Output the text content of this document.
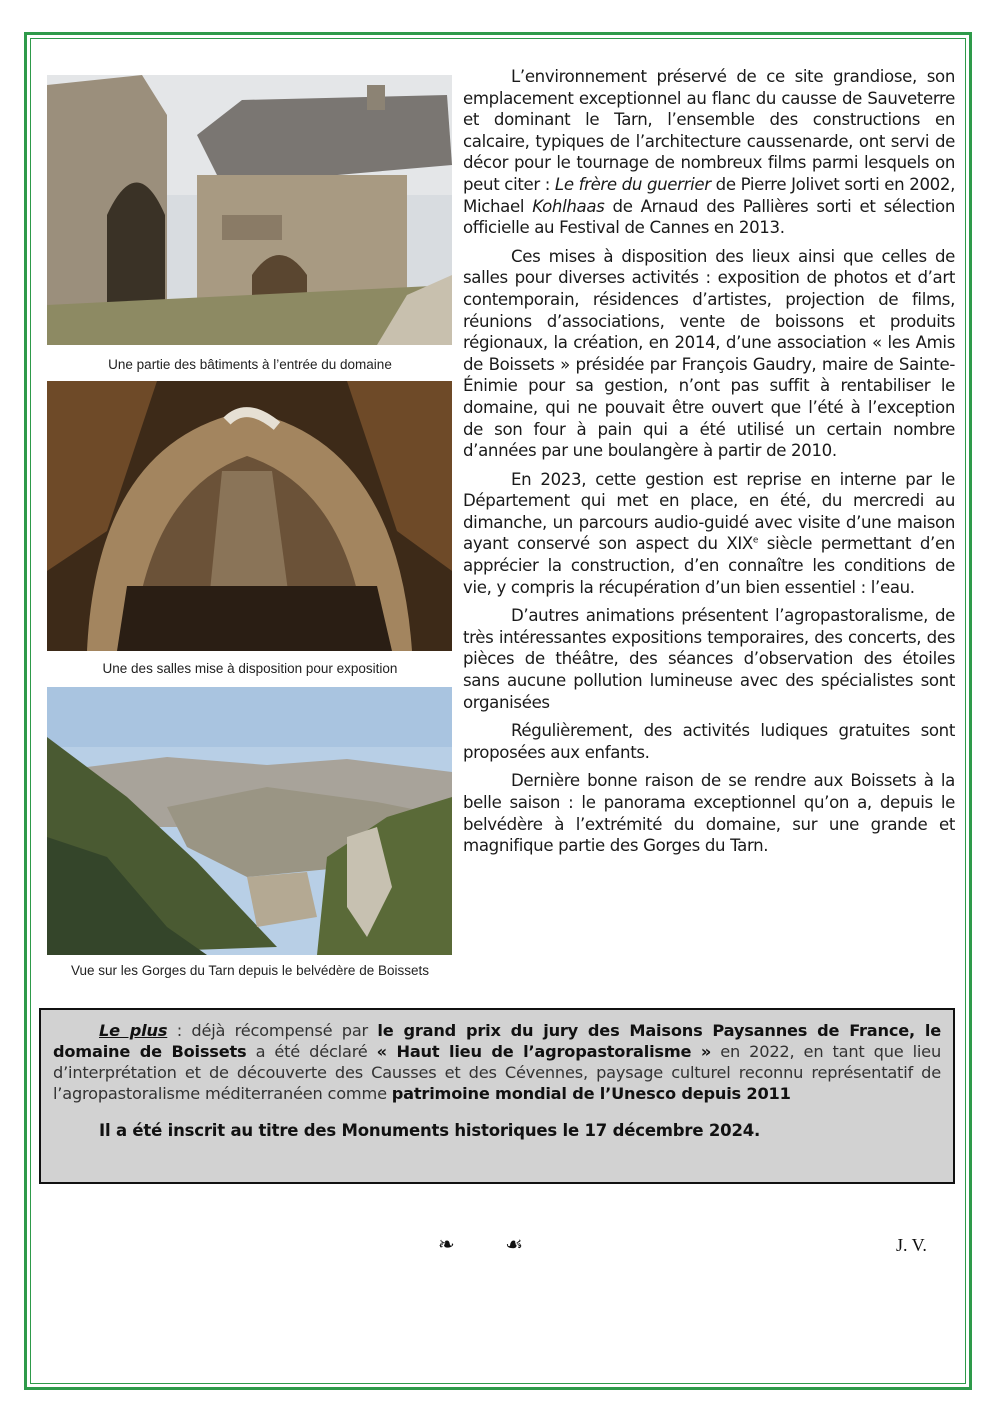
Une partie des bâtiments à l’entrée du domaine
Une des salles mise à disposition pour exposition
Vue sur les Gorges du Tarn depuis le belvédère de Boissets

L’environnement préservé de ce site grandiose, son emplacement exceptionnel au flanc du causse de Sauveterre et dominant le Tarn, l’ensemble des constructions en calcaire, typiques de l’architecture caussenarde, ont servi de décor pour le tournage de nombreux films parmi lesquels on peut citer : Le frère du guerrier de Pierre Jolivet sorti en 2002, Michael Kohlhaas de Arnaud des Pallières sorti et sélection officielle au Festival de Cannes en 2013.

Ces mises à disposition des lieux ainsi que celles de salles pour diverses activités : exposition de photos et d’art contemporain, résidences d’artistes, projection de films, réunions d’associations, vente de boissons et produits régionaux, la création, en 2014, d’une association « les Amis de Boissets » présidée par François Gaudry, maire de Sainte-Énimie pour sa gestion, n’ont pas suffit à rentabiliser le domaine, qui ne pouvait être ouvert que l’été à l’exception de son four à pain qui a été utilisé un certain nombre d’années par une boulangère à partir de 2010.

En 2023, cette gestion est reprise en interne par le Département qui met en place, en été, du mercredi au dimanche, un parcours audio-guidé avec visite d’une maison ayant conservé son aspect du XIXe siècle permettant d’en apprécier la construction, d’en connaître les conditions de vie, y compris la récupération d’un bien essentiel : l’eau.

D’autres animations présentent l’agropastoralisme, de très intéressantes expositions temporaires, des concerts, des pièces de théâtre, des séances d’observation des étoiles sans aucune pollution lumineuse avec des spécialistes sont organisées

Régulièrement, des activités ludiques gratuites sont proposées aux enfants.

Dernière bonne raison de se rendre aux Boissets à la belle saison : le panorama exceptionnel qu’on a, depuis le belvédère à l’extrémité du domaine, sur une grande et magnifique partie des Gorges du Tarn.

Le plus : déjà récompensé par le grand prix du jury des Maisons Paysannes de France, le domaine de Boissets a été déclaré « Haut lieu de l’agropastoralisme » en 2022, en tant que lieu d’interprétation et de découverte des Causses et des Cévennes, paysage culturel reconnu représentatif de l’agropastoralisme méditerranéen comme patrimoine mondial de l’Unesco depuis 2011

Il a été inscrit au titre des Monuments historiques le 17 décembre 2024.

❧ ☙	J. V.
